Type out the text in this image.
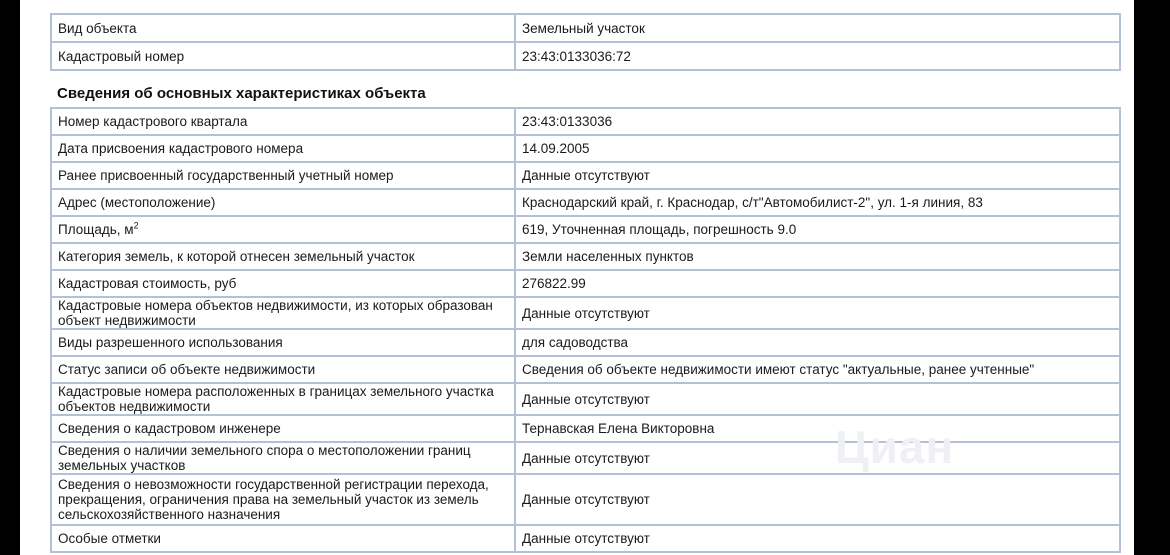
Вид объекта	Земельный участок
Кадастровый номер	23:43:0133036:72
Сведения об основных характеристиках объекта
Номер кадастрового квартала	23:43:0133036
Дата присвоения кадастрового номера	14.09.2005
Ранее присвоенный государственный учетный номер	Данные отсутствуют
Адрес (местоположение)	Краснодарский край, г. Краснодар, с/т"Автомобилист-2", ул. 1-я линия, 83
Площадь, $м^2$	619, Уточненная площадь, погрешность 9.0
Категория земель, к которой отнесен земельный участок	Земли населенных пунктов
Кадастровая стоимость, руб	276822.99
Кадастровые номера объектов недвижимости, из которых образован объект недвижимости	Данные отсутствуют
Виды разрешенного использования	для садоводства
Статус записи об объекте недвижимости	Сведения об объекте недвижимости имеют статус "актуальные, ранее учтенные"
Кадастровые номера расположенных в границах земельного участка объектов недвижимости	Данные отсутствуют
Сведения о кадастровом инженере	Тернавская Елена Викторовна
Сведения о наличии земельного спора о местоположении границ земельных участков	Данные отсутствуют
Сведения о невозможности государственной регистрации перехода, прекращения, ограничения права на земельный участок из земель сельскохозяйственного назначения	Данные отсутствуют
Особые отметки	Данные отсутствуют
Циан
